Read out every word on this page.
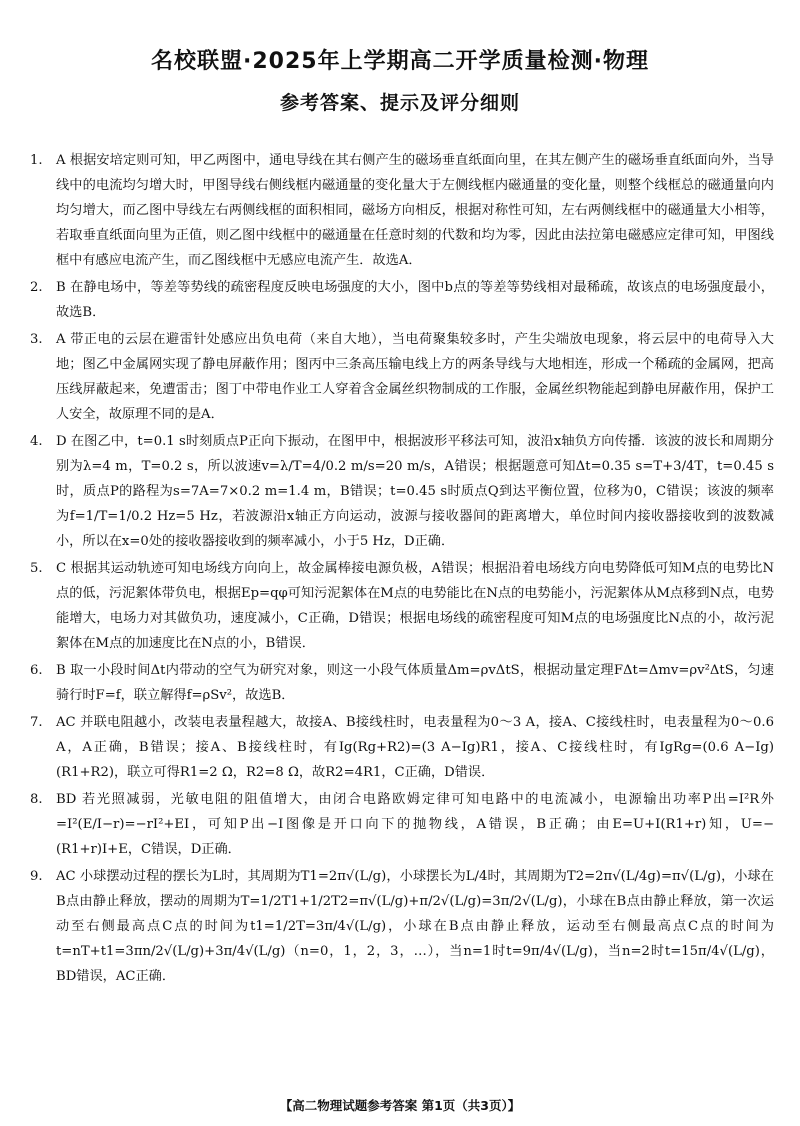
名校联盟·2025年上学期高二开学质量检测·物理
参考答案、提示及评分细则
1. A 根据安培定则可知，甲乙两图中，通电导线在其右侧产生的磁场垂直纸面向里，在其左侧产生的磁场垂直纸面向外，当导线中的电流均匀增大时，甲图导线右侧线框内磁通量的变化量大于左侧线框内磁通量的变化量，则整个线框总的磁通量向内均匀增大，而乙图中导线左右两侧线框的面积相同，磁场方向相反，根据对称性可知，左右两侧线框中的磁通量大小相等，若取垂直纸面向里为正值，则乙图中线框中的磁通量在任意时刻的代数和均为零，因此由法拉第电磁感应定律可知，甲图线框中有感应电流产生，而乙图线框中无感应电流产生．故选A．
2. B 在静电场中，等差等势线的疏密程度反映电场强度的大小，图中b点的等差等势线相对最稀疏，故该点的电场强度最小，故选B．
3. A 带正电的云层在避雷针处感应出负电荷（来自大地），当电荷聚集较多时，产生尖端放电现象，将云层中的电荷导入大地；图乙中金属网实现了静电屏蔽作用；图丙中三条高压输电线上方的两条导线与大地相连，形成一个稀疏的金属网，把高压线屏蔽起来，免遭雷击；图丁中带电作业工人穿着含金属丝织物制成的工作服，金属丝织物能起到静电屏蔽作用，保护工人安全，故原理不同的是A．
4. D 在图乙中，t=0.1 s时刻质点P正向下振动，在图甲中，根据波形平移法可知，波沿x轴负方向传播．该波的波长和周期分别为λ=4 m，T=0.2 s，所以波速v=λ/T=4/0.2 m/s=20 m/s，A错误；根据题意可知Δt=0.35 s=T+3/4T，t=0.45 s时，质点P的路程为s=7A=7×0.2 m=1.4 m，B错误；t=0.45 s时质点Q到达平衡位置，位移为0，C错误；该波的频率为f=1/T=1/0.2 Hz=5 Hz，若波源沿x轴正方向运动，波源与接收器间的距离增大，单位时间内接收器接收到的波数减小，所以在x=0处的接收器接收到的频率减小，小于5 Hz，D正确．
5. C 根据其运动轨迹可知电场线方向向上，故金属棒接电源负极，A错误；根据沿着电场线方向电势降低可知M点的电势比N点的低，污泥絮体带负电，根据Ep=qφ可知污泥絮体在M点的电势能比在N点的电势能小，污泥絮体从M点移到N点，电势能增大，电场力对其做负功，速度减小，C正确，D错误；根据电场线的疏密程度可知M点的电场强度比N点的小，故污泥絮体在M点的加速度比在N点的小，B错误．
6. B 取一小段时间Δt内带动的空气为研究对象，则这一小段气体质量Δm=ρvΔtS，根据动量定理FΔt=Δmv=ρv²ΔtS，匀速骑行时F=f，联立解得f=ρSv²，故选B．
7. AC 并联电阻越小，改装电表量程越大，故接A、B接线柱时，电表量程为0～3 A，接A、C接线柱时，电表量程为0～0.6 A，A正确，B错误；接A、B接线柱时，有Ig(Rg+R2)=(3 A−Ig)R1，接A、C接线柱时，有IgRg=(0.6 A−Ig)(R1+R2)，联立可得R1=2 Ω，R2=8 Ω，故R2=4R1，C正确，D错误．
8. BD 若光照减弱，光敏电阻的阻值增大，由闭合电路欧姆定律可知电路中的电流减小，电源输出功率P出=I²R外=I²(E/I−r)=−rI²+EI，可知P出−I图像是开口向下的抛物线，A错误，B正确；由E=U+I(R1+r)知，U=−(R1+r)I+E，C错误，D正确．
9. AC 小球摆动过程的摆长为L时，其周期为T1=2π√(L/g)，小球摆长为L/4时，其周期为T2=2π√(L/4g)=π√(L/g)，小球在B点由静止释放，摆动的周期为T=1/2T1+1/2T2=π√(L/g)+π/2√(L/g)=3π/2√(L/g)，小球在B点由静止释放，第一次运动至右侧最高点C点的时间为t1=1/2T=3π/4√(L/g)，小球在B点由静止释放，运动至右侧最高点C点的时间为t=nT+t1=3πn/2√(L/g)+3π/4√(L/g)（n=0，1，2，3，…），当n=1时t=9π/4√(L/g)，当n=2时t=15π/4√(L/g)，BD错误，AC正确．
【高二物理试题参考答案 第1页（共3页）】
